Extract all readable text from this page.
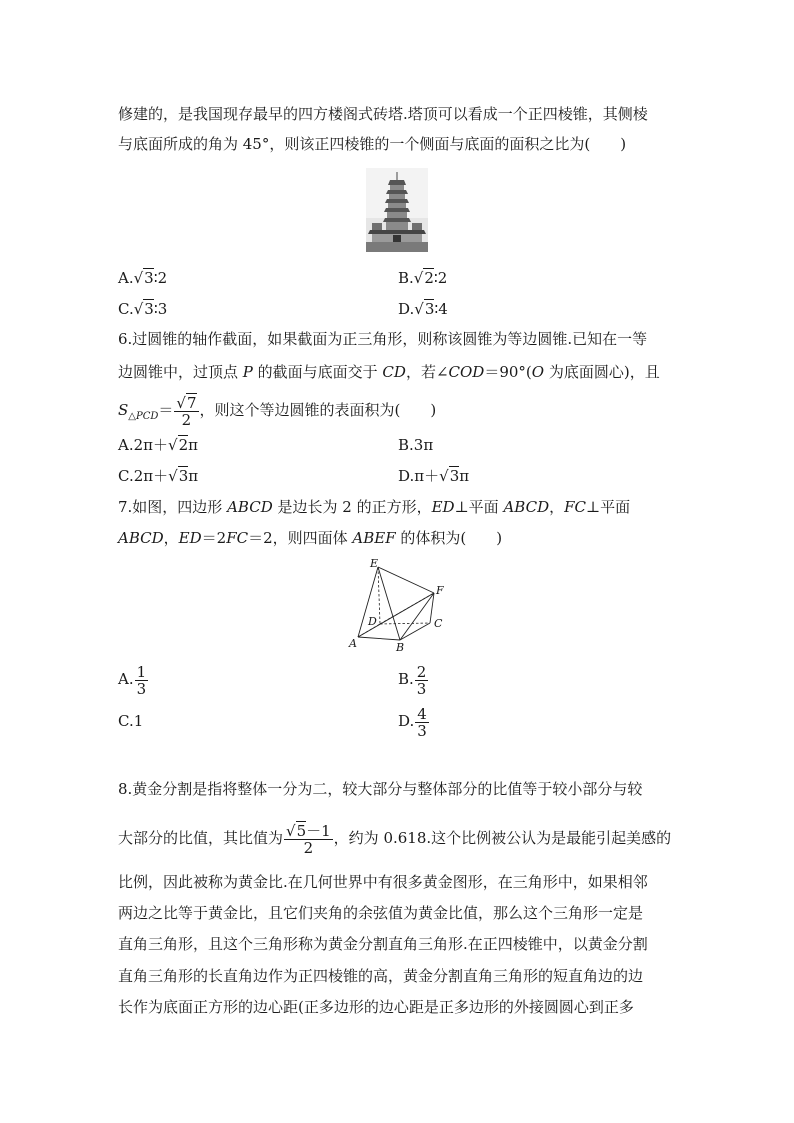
修建的，是我国现存最早的四方楼阁式砖塔.塔顶可以看成一个正四棱锥，其侧棱
与底面所成的角为 45°，则该正四棱锥的一个侧面与底面的面积之比为(　　)
A.√3∶2	B.√2∶2
C.√3∶3	D.√3∶4
6.过圆锥的轴作截面，如果截面为正三角形，则称该圆锥为等边圆锥.已知在一等
边圆锥中，过顶点 P 的截面与底面交于 CD，若∠COD＝90°(O 为底面圆心)，且
$S_{\triangle PCD}= \frac{√7}{2}$ ，则这个等边圆锥的表面积为(　　)
A.2π＋√2π	B.3π
C.2π＋√3π	D.π＋√3π
7.如图，四边形 ABCD 是边长为 2 的正方形，ED⊥平面 ABCD，FC⊥平面
ABCD，ED＝2FC＝2，则四面体 ABEF 的体积为(　　)
E
F
D	C
A	B
A. $\frac{1}{3}$	B. $\frac{2}{3}$
C.1	D. $\frac{4}{3}$
8.黄金分割是指将整体一分为二，较大部分与整体部分的比值等于较小部分与较
大部分的比值，其比值为 $\frac{√5-1}{2}$ ，约为 0.618.这个比例被公认为是最能引起美感的
比例，因此被称为黄金比.在几何世界中有很多黄金图形，在三角形中，如果相邻
两边之比等于黄金比，且它们夹角的余弦值为黄金比值，那么这个三角形一定是
直角三角形，且这个三角形称为黄金分割直角三角形.在正四棱锥中，以黄金分割
直角三角形的长直角边作为正四棱锥的高，黄金分割直角三角形的短直角边的边
长作为底面正方形的边心距(正多边形的边心距是正多边形的外接圆圆心到正多
